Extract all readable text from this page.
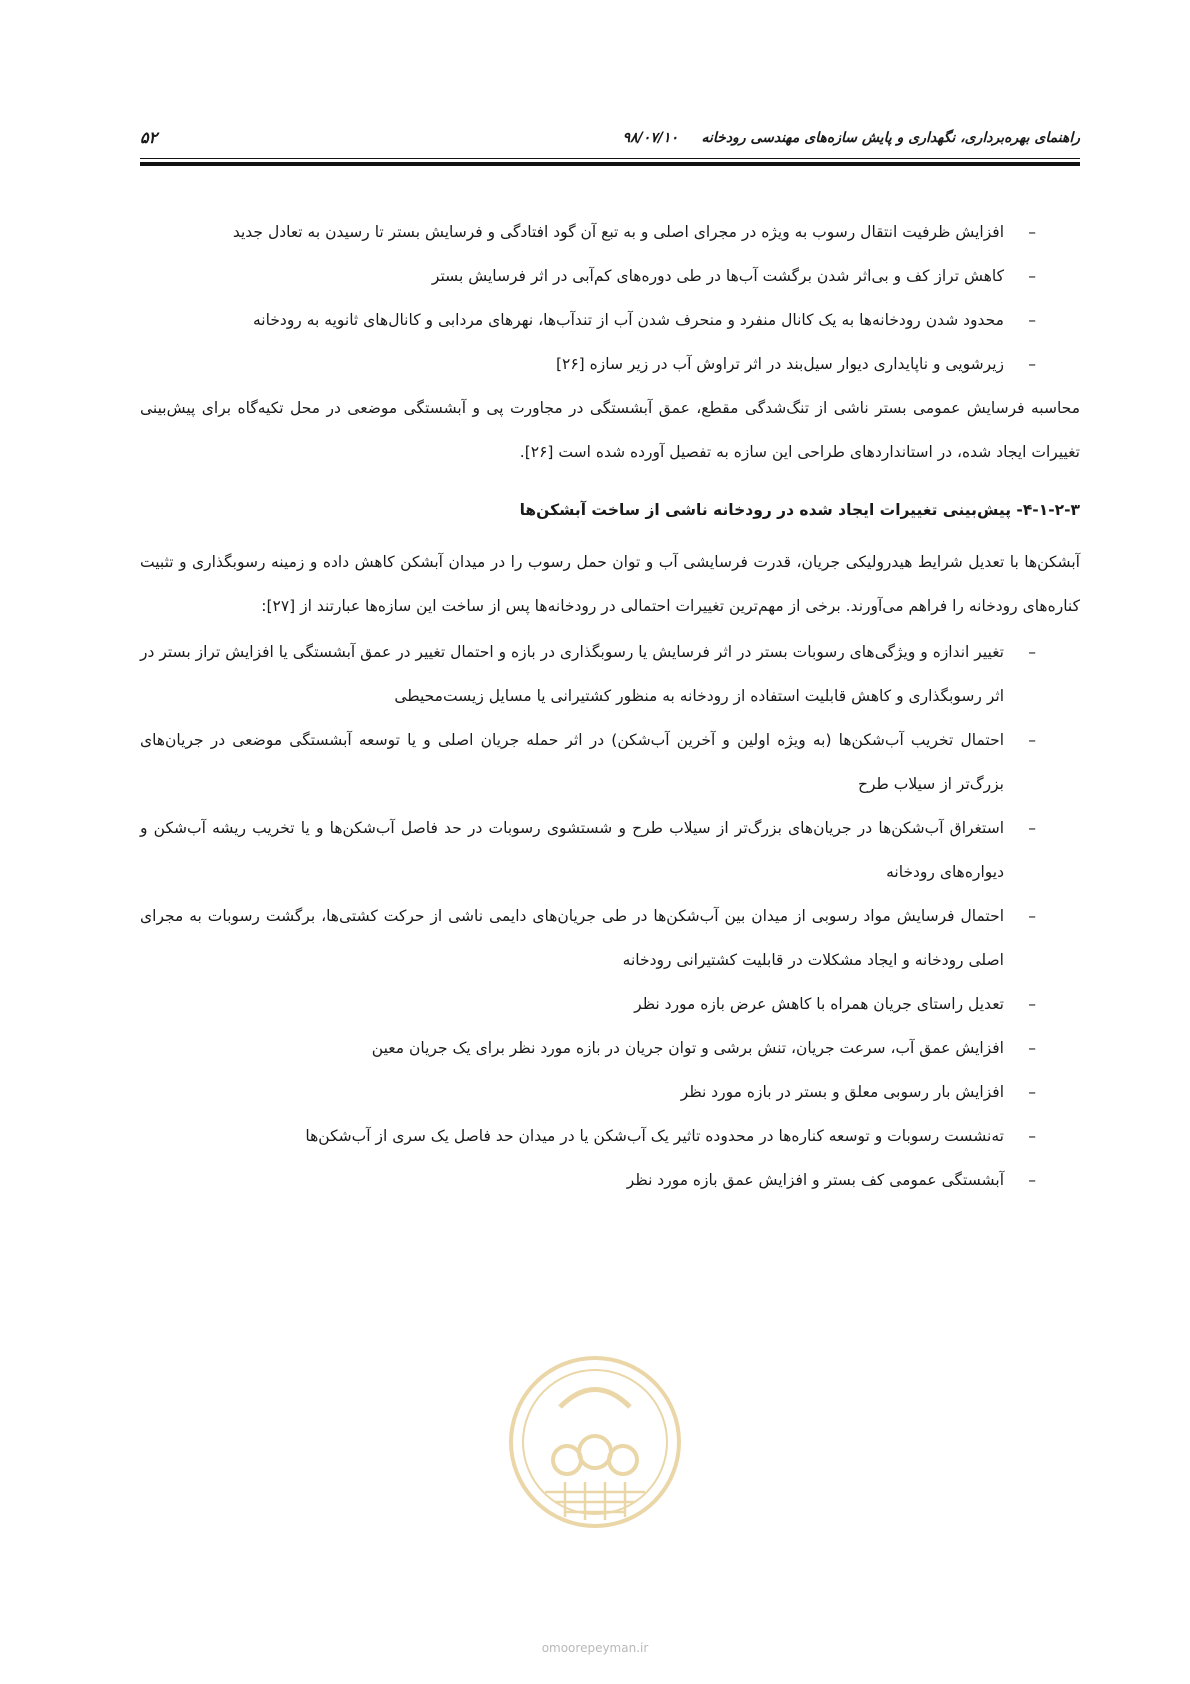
راهنمای بهره‌برداری، نگهداری و پایش سازه‌های مهندسی رودخانه
۹۸/۰۷/۱۰
۵۲
–
افزایش ظرفیت انتقال رسوب به ویژه در مجرای اصلی و به تبع آن گود افتادگی و فرسایش بستر تا رسیدن به تعادل جدید
–
کاهش تراز کف و بی‌اثر شدن برگشت آب‌ها در طی دوره‌های کم‌آبی در اثر فرسایش بستر
–
محدود شدن رودخانه‌ها به یک کانال منفرد و منحرف شدن آب از تندآب‌ها، نهرهای مردابی و کانال‌های ثانویه به رودخانه
–
زیرشویی و ناپایداری دیوار سیل‌بند در اثر تراوش آب در زیر سازه [۲۶]

محاسبه فرسایش عمومی بستر ناشی از تنگ‌شدگی مقطع، عمق آبشستگی در مجاورت پی و آبشستگی موضعی در محل تکیه‌گاه برای پیش‌بینی تغییرات ایجاد شده، در استانداردهای طراحی این سازه به تفصیل آورده شده است [۲۶].

۴-۱-۲-۳- پیش‌بینی تغییرات ایجاد شده در رودخانه ناشی از ساخت آبشکن‌ها

آبشکن‌ها با تعدیل شرایط هیدرولیکی جریان، قدرت فرسایشی آب و توان حمل رسوب را در میدان آبشکن کاهش داده و زمینه رسوبگذاری و تثبیت کناره‌های رودخانه را فراهم می‌آورند. برخی از مهم‌ترین تغییرات احتمالی در رودخانه‌ها پس از ساخت این سازه‌ها عبارتند از [۲۷]:

–
تغییر اندازه و ویژگی‌های رسوبات بستر در اثر فرسایش یا رسوبگذاری در بازه و احتمال تغییر در عمق آبشستگی یا افزایش تراز بستر در اثر رسوبگذاری و کاهش قابلیت استفاده از رودخانه به منظور کشتیرانی یا مسایل زیست‌محیطی
–
احتمال تخریب آب‌شکن‌ها (به ویژه اولین و آخرین آب‌شکن) در اثر حمله جریان اصلی و یا توسعه آبشستگی موضعی در جریان‌های بزرگ‌تر از سیلاب طرح
–
استغراق آب‌شکن‌ها در جریان‌های بزرگ‌تر از سیلاب طرح و شستشوی رسوبات در حد فاصل آب‌شکن‌ها و یا تخریب ریشه آب‌شکن و دیواره‌های رودخانه
–
احتمال فرسایش مواد رسوبی از میدان بین آب‌شکن‌ها در طی جریان‌های دایمی ناشی از حرکت کشتی‌ها، برگشت رسوبات به مجرای اصلی رودخانه و ایجاد مشکلات در قابلیت کشتیرانی رودخانه
–
تعدیل راستای جریان همراه با کاهش عرض بازه مورد نظر
–
افزایش عمق آب، سرعت جریان، تنش برشی و توان جریان در بازه مورد نظر برای یک جریان معین
–
افزایش بار رسوبی معلق و بستر در بازه مورد نظر
–
ته‌نشست رسوبات و توسعه کناره‌ها در محدوده تاثیر یک آب‌شکن یا در میدان حد فاصل یک سری از آب‌شکن‌ها
–
آبشستگی عمومی کف بستر و افزایش عمق بازه مورد نظر
omoorepeyman.ir
